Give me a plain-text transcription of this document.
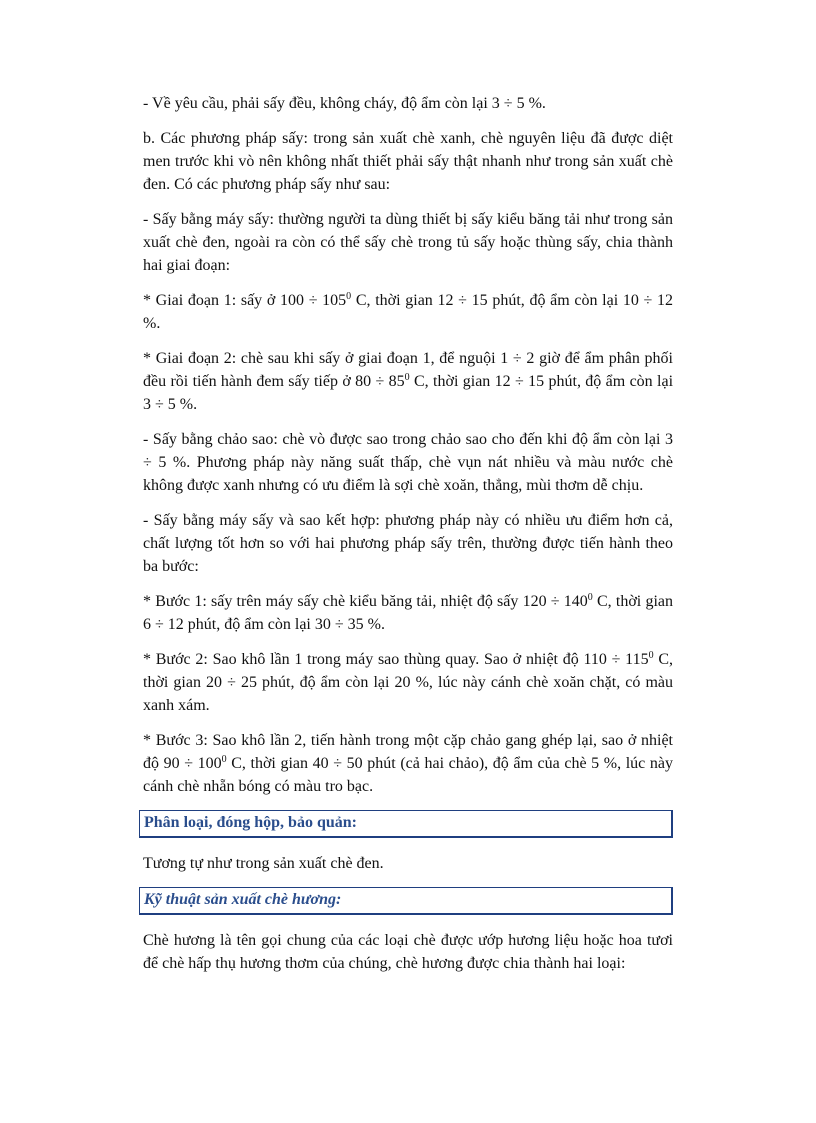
- Về yêu cầu, phải sấy đều, không cháy, độ ẩm còn lại 3 ÷ 5 %.

b. Các phương pháp sấy: trong sản xuất chè xanh, chè nguyên liệu đã được diệt men trước khi vò nên không nhất thiết phải sấy thật nhanh như trong sản xuất chè đen. Có các phương pháp sấy như sau:

- Sấy bằng máy sấy: thường người ta dùng thiết bị sấy kiểu băng tải như trong sản xuất chè đen, ngoài ra còn có thể sấy chè trong tủ sấy hoặc thùng sấy, chia thành hai giai đoạn:

* Giai đoạn 1: sấy ở $100 \div 105^0$ C, thời gian 12 ÷ 15 phút, độ ẩm còn lại 10 ÷ 12 %.

* Giai đoạn 2: chè sau khi sấy ở giai đoạn 1, để nguội 1 ÷ 2 giờ để ẩm phân phối đều rồi tiến hành đem sấy tiếp ở $80 \div 85^0$ C, thời gian 12 ÷ 15 phút, độ ẩm còn lại 3 ÷ 5 %.

- Sấy bằng chảo sao: chè vò được sao trong chảo sao cho đến khi độ ẩm còn lại 3 ÷ 5 %. Phương pháp này năng suất thấp, chè vụn nát nhiều và màu nước chè không được xanh nhưng có ưu điểm là sợi chè xoăn, thẳng, mùi thơm dễ chịu.

- Sấy bằng máy sấy và sao kết hợp: phương pháp này có nhiều ưu điểm hơn cả, chất lượng tốt hơn so với hai phương pháp sấy trên, thường được tiến hành theo ba bước:

* Bước 1: sấy trên máy sấy chè kiểu băng tải, nhiệt độ sấy $120 \div 140^0$ C, thời gian 6 ÷ 12 phút, độ ẩm còn lại 30 ÷ 35 %.

* Bước 2: Sao khô lần 1 trong máy sao thùng quay. Sao ở nhiệt độ $110 \div 115^0$ C, thời gian 20 ÷ 25 phút, độ ẩm còn lại 20 %, lúc này cánh chè xoăn chặt, có màu xanh xám.

* Bước 3: Sao khô lần 2, tiến hành trong một cặp chảo gang ghép lại, sao ở nhiệt độ $90 \div 100^0$ C, thời gian 40 ÷ 50 phút (cả hai chảo), độ ẩm của chè 5 %, lúc này cánh chè nhẵn bóng có màu tro bạc.

Phân loại, đóng hộp, bảo quản:

Tương tự như trong sản xuất chè đen.

Kỹ thuật sản xuất chè hương:

Chè hương là tên gọi chung của các loại chè được ướp hương liệu hoặc hoa tươi để chè hấp thụ hương thơm của chúng, chè hương được chia thành hai loại:
